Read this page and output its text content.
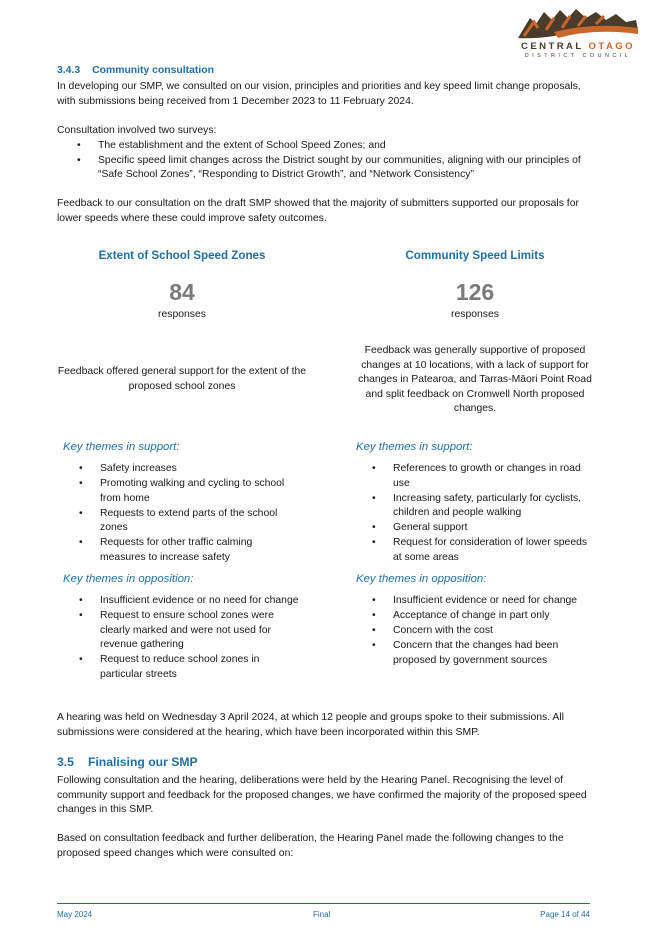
CENTRAL OTAGO
DISTRICT COUNCIL
3.4.3 Community consultation

In developing our SMP, we consulted on our vision, principles and priorities and key speed limit change proposals, with submissions being received from 1 December 2023 to 11 February 2024.

Consultation involved two surveys:

• The establishment and the extent of School Speed Zones; and
• Specific speed limit changes across the District sought by our communities, aligning with our principles of “Safe School Zones”, “Responding to District Growth”, and “Network Consistency”

Feedback to our consultation on the draft SMP showed that the majority of submitters supported our proposals for lower speeds where these could improve safety outcomes.

Extent of School Speed Zones
84
responses
Feedback offered general support for the extent of the proposed school zones
Community Speed Limits
126
responses
Feedback was generally supportive of proposed changes at 10 locations, with a lack of support for changes in Patearoa, and Tarras-Māori Point Road and split feedback on Cromwell North proposed changes.
Key themes in support:
• Safety increases
• Promoting walking and cycling to school from home
• Requests to extend parts of the school zones
• Requests for other traffic calming measures to increase safety
Key themes in opposition:
• Insufficient evidence or no need for change
• Request to ensure school zones were clearly marked and were not used for revenue gathering
• Request to reduce school zones in particular streets
Key themes in support:
• References to growth or changes in road use
• Increasing safety, particularly for cyclists, children and people walking
• General support
• Request for consideration of lower speeds at some areas
Key themes in opposition:
• Insufficient evidence or need for change
• Acceptance of change in part only
• Concern with the cost
• Concern that the changes had been proposed by government sources

A hearing was held on Wednesday 3 April 2024, at which 12 people and groups spoke to their submissions. All submissions were considered at the hearing, which have been incorporated within this SMP.

3.5 Finalising our SMP

Following consultation and the hearing, deliberations were held by the Hearing Panel. Recognising the level of community support and feedback for the proposed changes, we have confirmed the majority of the proposed speed changes in this SMP.

Based on consultation feedback and further deliberation, the Hearing Panel made the following changes to the proposed speed changes which were consulted on:

May 2024	Final	Page 14 of 44
